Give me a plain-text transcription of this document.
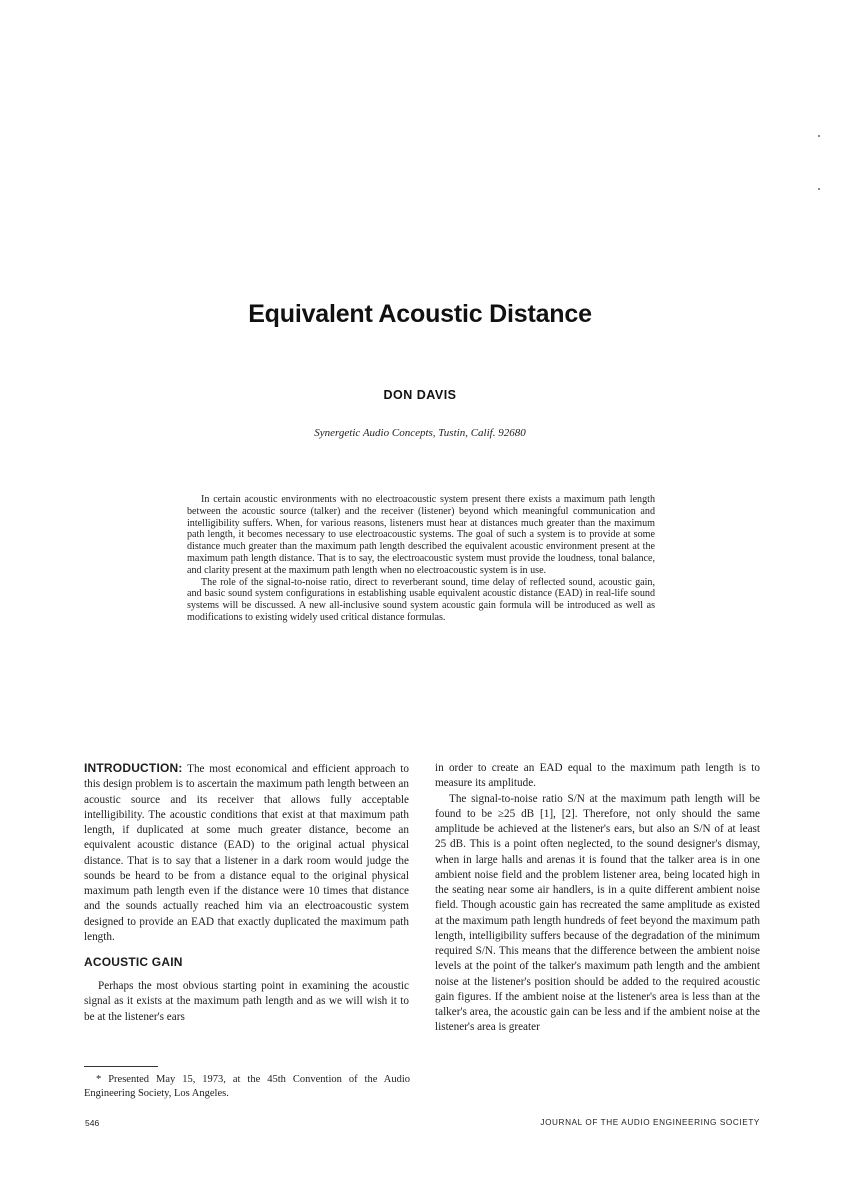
Equivalent Acoustic Distance
DON DAVIS
Synergetic Audio Concepts, Tustin, Calif. 92680

In certain acoustic environments with no electroacoustic system present there exists a maximum path length between the acoustic source (talker) and the receiver (listener) beyond which meaningful communication and intelligibility suffers. When, for various reasons, listeners must hear at distances much greater than the maximum path length, it becomes necessary to use electroacoustic systems. The goal of such a system is to provide at some distance much greater than the maximum path length described the equivalent acoustic environment present at the maximum path length distance. That is to say, the electroacoustic system must provide the loudness, tonal balance, and clarity present at the maximum path length when no electroacoustic system is in use.

The role of the signal-to-noise ratio, direct to reverberant sound, time delay of reflected sound, acoustic gain, and basic sound system configurations in establishing usable equivalent acoustic distance (EAD) in real-life sound systems will be discussed. A new all-inclusive sound system acoustic gain formula will be introduced as well as modifications to existing widely used critical distance formulas.

INTRODUCTION: The most economical and efficient approach to this design problem is to ascertain the maximum path length between an acoustic source and its receiver that allows fully acceptable intelligibility. The acoustic conditions that exist at that maximum path length, if duplicated at some much greater distance, become an equivalent acoustic distance (EAD) to the original actual physical distance. That is to say that a listener in a dark room would judge the sounds be heard to be from a distance equal to the original physical maximum path length even if the distance were 10 times that distance and the sounds actually reached him via an electroacoustic system designed to provide an EAD that exactly duplicated the maximum path length.

ACOUSTIC GAIN

Perhaps the most obvious starting point in examining the acoustic signal as it exists at the maximum path length and as we will wish it to be at the listener's ears

in order to create an EAD equal to the maximum path length is to measure its amplitude.

The signal-to-noise ratio S/N at the maximum path length will be found to be ≥25 dB [1], [2]. Therefore, not only should the same amplitude be achieved at the listener's ears, but also an S/N of at least 25 dB. This is a point often neglected, to the sound designer's dismay, when in large halls and arenas it is found that the talker area is in one ambient noise field and the problem listener area, being located high in the seating near some air handlers, is in a quite different ambient noise field. Though acoustic gain has recreated the same amplitude as existed at the maximum path length hundreds of feet beyond the maximum path length, intelligibility suffers because of the degradation of the minimum required S/N. This means that the difference between the ambient noise levels at the point of the talker's maximum path length and the ambient noise at the listener's position should be added to the required acoustic gain figures. If the ambient noise at the listener's area is less than at the talker's area, the acoustic gain can be less and if the ambient noise at the listener's area is greater

* Presented May 15, 1973, at the 45th Convention of the Audio Engineering Society, Los Angeles.
546	JOURNAL OF THE AUDIO ENGINEERING SOCIETY
